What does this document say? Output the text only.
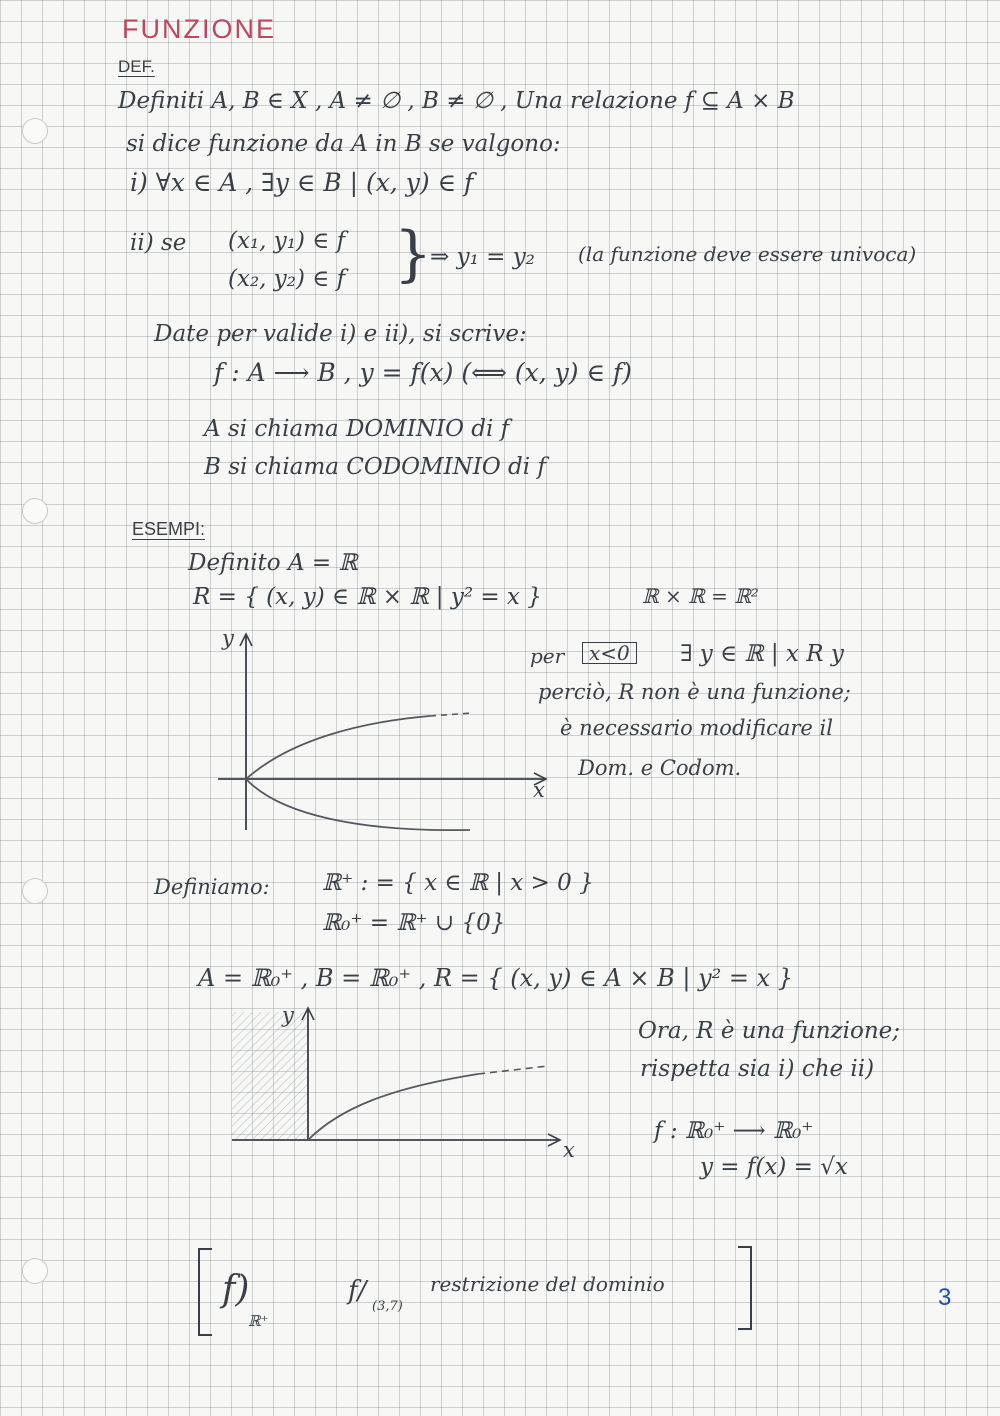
FUNZIONE
DEF.
Definiti A, B ∈ X , A ≠ ∅ , B ≠ ∅ , Una relazione f ⊆ A × B
si dice funzione da A in B se valgono:
i) ∀x ∈ A , ∃y ∈ B | (x, y) ∈ f
ii) se (x₁, y₁) ∈ f
(x₂, y₂) ∈ f }
⇒ y₁ = y₂ (la funzione deve essere univoca)
Date per valide i) e ii), si scrive:
f : A ⟶ B , y = f(x) (⟺ (x, y) ∈ f)
A si chiama DOMINIO di f
B si chiama CODOMINIO di f
ESEMPI:
Definito A = ℝ
R = { (x, y) ∈ ℝ × ℝ | y² = x }	ℝ × ℝ = ℝ²
y
x
per	x<0	∃ y ∈ ℝ | x R y
perciò, R non è una funzione;
è necessario modificare il
Dom. e Codom.
Definiamo: ℝ⁺ : = { x ∈ ℝ | x > 0 }
ℝ₀⁺ = ℝ⁺ ∪ {0}
A = ℝ₀⁺ , B = ℝ₀⁺ , R = { (x, y) ∈ A × B | y² = x }
x
Ora, R è una funzione;
rispetta sia i) che ii)
f : ℝ₀⁺ ⟶ ℝ₀⁺
y = f(x) = √x
f)
ℝ⁺
f/
(3,7)
restrizione del dominio	3
